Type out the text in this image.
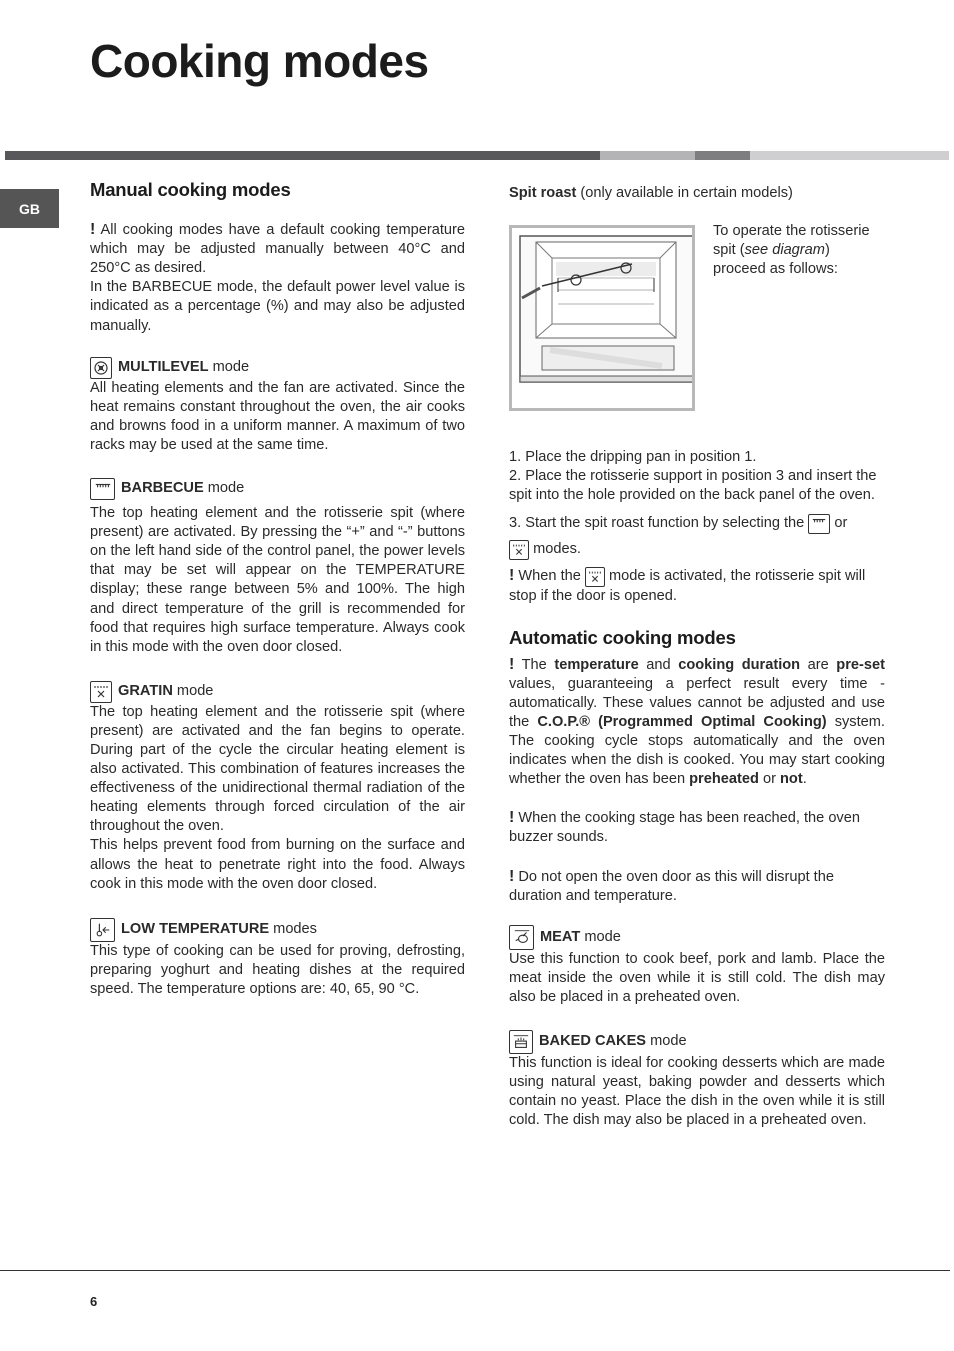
Cooking modes
GB
Manual cooking modes

! All cooking modes have a default cooking temperature which may be adjusted manually between 40°C and 250°C as desired.
In the BARBECUE mode, the default power level value is indicated as a percentage (%) and may also be adjusted manually.

MULTILEVEL mode

All heating elements and the fan are activated. Since the heat remains constant throughout the oven, the air cooks and browns food in a uniform manner. A maximum of two racks may be used at the same time.

BARBECUE mode

The top heating element and the rotisserie spit (where present) are activated. By pressing the “+” and “-” buttons on the left hand side of the control panel, the power levels that may be set will appear on the TEMPERATURE display; these range between 5% and 100%. The high and direct temperature of the grill is recommended for food that requires high surface temperature. Always cook in this mode with the oven door closed.

GRATIN mode

The top heating element and the rotisserie spit (where present) are activated and the fan begins to operate. During part of the cycle the circular heating element is also activated. This combination of features increases the effectiveness of the unidirectional thermal radiation of the heating elements through forced circulation of the air throughout the oven.

This helps prevent food from burning on the surface and allows the heat to penetrate right into the food. Always cook in this mode with the oven door closed.

LOW TEMPERATURE modes

This type of cooking can be used for proving, defrosting, preparing yoghurt and heating dishes at the required speed. The temperature options are: 40, 65, 90 °C.

Spit roast (only available in certain models)

To operate the rotisserie spit (see diagram) proceed as follows:

1. Place the dripping pan in position 1.

2. Place the rotisserie support in position 3 and insert the spit into the hole provided on the back panel of the oven.

3. Start the spit roast function by selecting the or

modes.

! When the mode is activated, the rotisserie spit will stop if the door is opened.

Automatic cooking modes

! The temperature and cooking duration are pre-set values, guaranteeing a perfect result every time - automatically. These values cannot be adjusted and use the C.O.P.® (Programmed Optimal Cooking) system. The cooking cycle stops automatically and the oven indicates when the dish is cooked. You may start cooking whether the oven has been preheated or not.

! When the cooking stage has been reached, the oven buzzer sounds.

! Do not open the oven door as this will disrupt the duration and temperature.

MEAT mode

Use this function to cook beef, pork and lamb. Place the meat inside the oven while it is still cold. The dish may also be placed in a preheated oven.

BAKED CAKES mode

This function is ideal for cooking desserts which are made using natural yeast, baking powder and desserts which contain no yeast. Place the dish in the oven while it is still cold. The dish may also be placed in a preheated oven.

6
